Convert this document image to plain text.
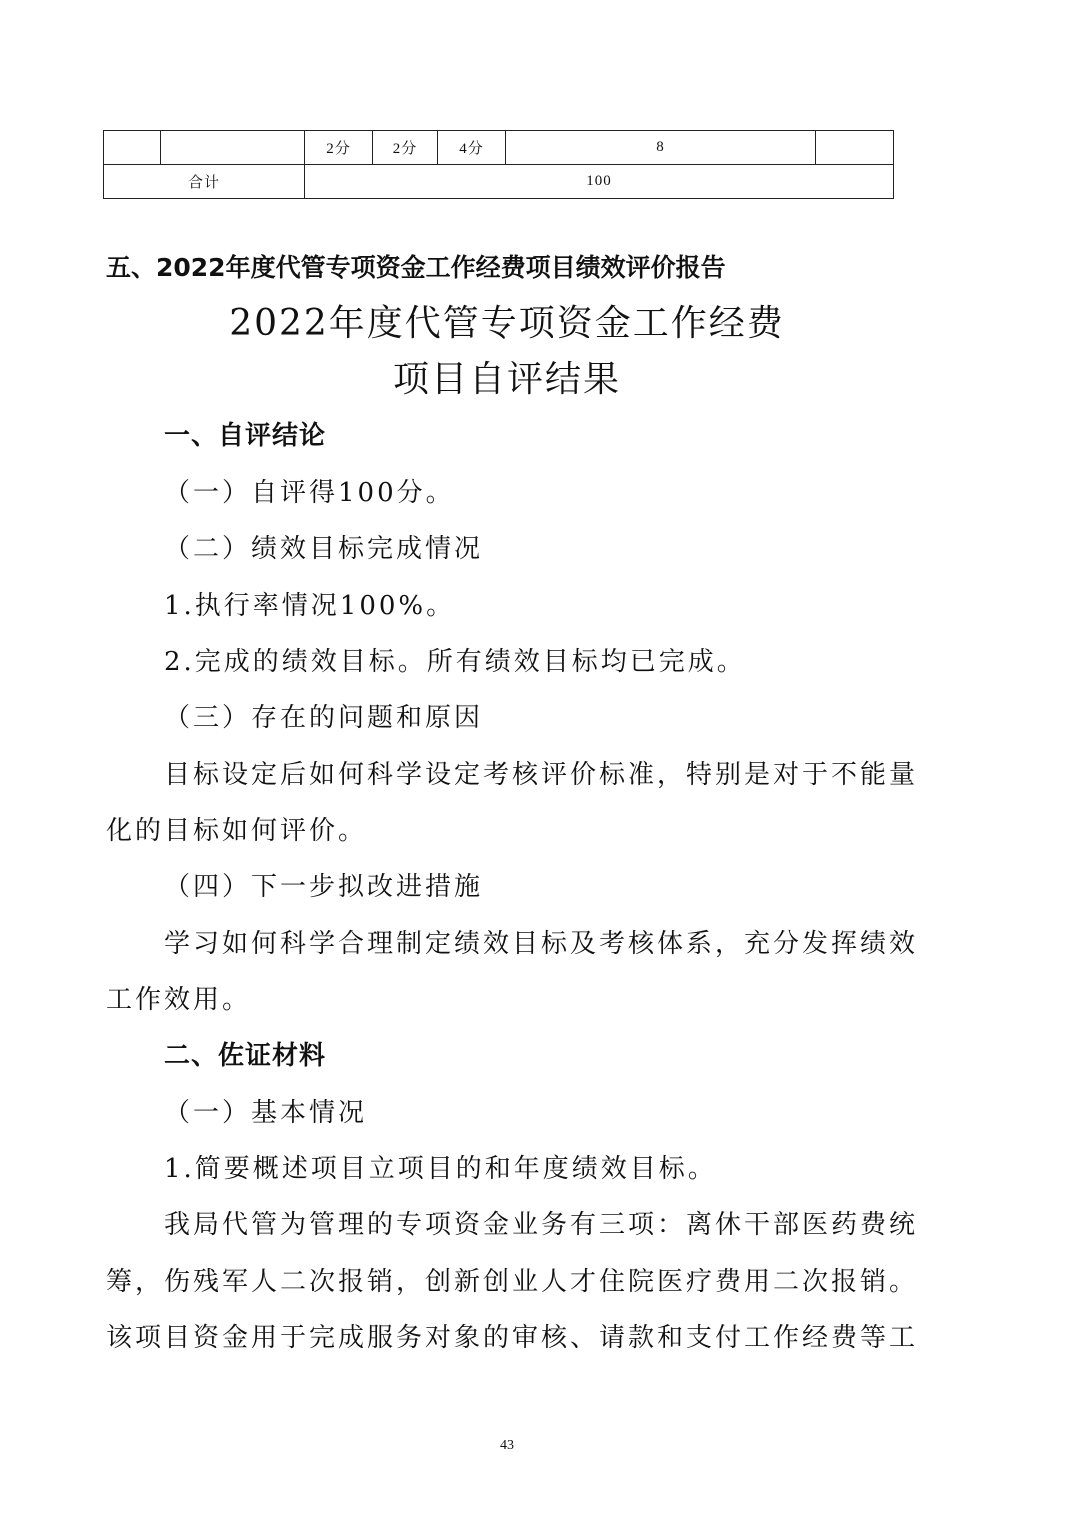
		2分	2分	4分	8	
合计		100				
五、2022年度代管专项资金工作经费项目绩效评价报告
2022年度代管专项资金工作经费
项目自评结果

一、自评结论

（一）自评得100分。

（二）绩效目标完成情况

1.执行率情况100%。

2.完成的绩效目标。所有绩效目标均已完成。

（三）存在的问题和原因

目标设定后如何科学设定考核评价标准，特别是对于不能量

化的目标如何评价。

（四）下一步拟改进措施

学习如何科学合理制定绩效目标及考核体系，充分发挥绩效

工作效用。

二、佐证材料

（一）基本情况

1.简要概述项目立项目的和年度绩效目标。

我局代管为管理的专项资金业务有三项：离休干部医药费统

筹，伤残军人二次报销，创新创业人才住院医疗费用二次报销。

该项目资金用于完成服务对象的审核、请款和支付工作经费等工

43
